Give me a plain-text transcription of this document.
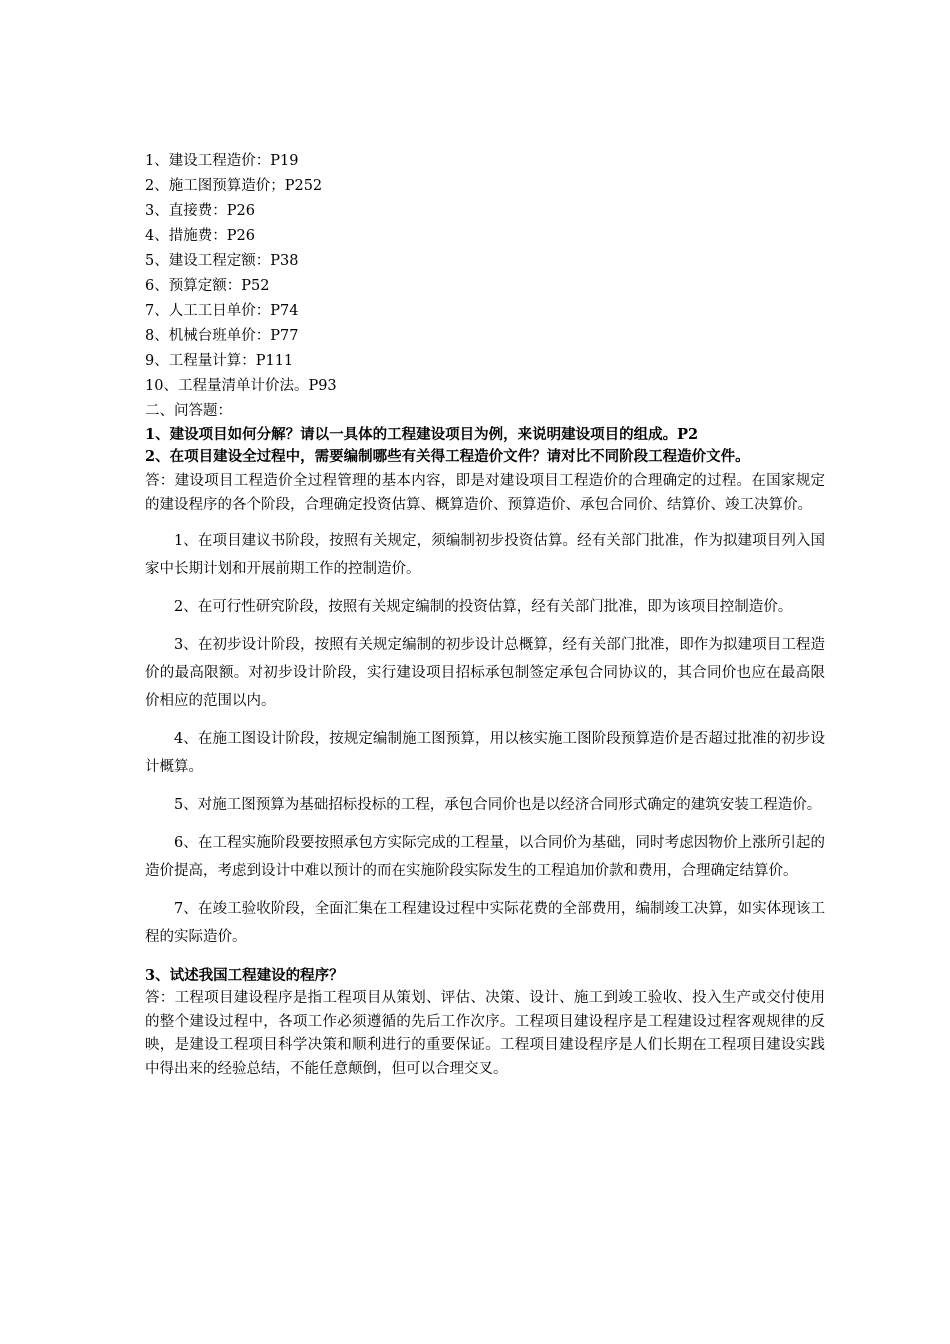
1、建设工程造价：P19
2、施工图预算造价；P252
3、直接费：P26
4、措施费：P26
5、建设工程定额：P38
6、预算定额：P52
7、人工工日单价：P74
8、机械台班单价：P77
9、工程量计算：P111
10、工程量清单计价法。P93
二、问答题：
1、建设项目如何分解？请以一具体的工程建设项目为例，来说明建设项目的组成。P2
2、在项目建设全过程中，需要编制哪些有关得工程造价文件？请对比不同阶段工程造价文件。
答：建设项目工程造价全过程管理的基本内容，即是对建设项目工程造价的合理确定的过程。在国家规定的建设程序的各个阶段，合理确定投资估算、概算造价、预算造价、承包合同价、结算价、竣工决算价。
1、在项目建议书阶段，按照有关规定，须编制初步投资估算。经有关部门批准，作为拟建项目列入国家中长期计划和开展前期工作的控制造价。
2、在可行性研究阶段，按照有关规定编制的投资估算，经有关部门批准，即为该项目控制造价。
3、在初步设计阶段，按照有关规定编制的初步设计总概算，经有关部门批准，即作为拟建项目工程造价的最高限额。对初步设计阶段，实行建设项目招标承包制签定承包合同协议的，其合同价也应在最高限价相应的范围以内。
4、在施工图设计阶段，按规定编制施工图预算，用以核实施工图阶段预算造价是否超过批准的初步设计概算。
5、对施工图预算为基础招标投标的工程，承包合同价也是以经济合同形式确定的建筑安装工程造价。
6、在工程实施阶段要按照承包方实际完成的工程量，以合同价为基础，同时考虑因物价上涨所引起的造价提高，考虑到设计中难以预计的而在实施阶段实际发生的工程追加价款和费用，合理确定结算价。
7、在竣工验收阶段，全面汇集在工程建设过程中实际花费的全部费用，编制竣工决算，如实体现该工程的实际造价。
3、试述我国工程建设的程序？
答：工程项目建设程序是指工程项目从策划、评估、决策、设计、施工到竣工验收、投入生产或交付使用的整个建设过程中，各项工作必须遵循的先后工作次序。工程项目建设程序是工程建设过程客观规律的反映，是建设工程项目科学决策和顺利进行的重要保证。工程项目建设程序是人们长期在工程项目建设实践中得出来的经验总结，不能任意颠倒，但可以合理交叉。
